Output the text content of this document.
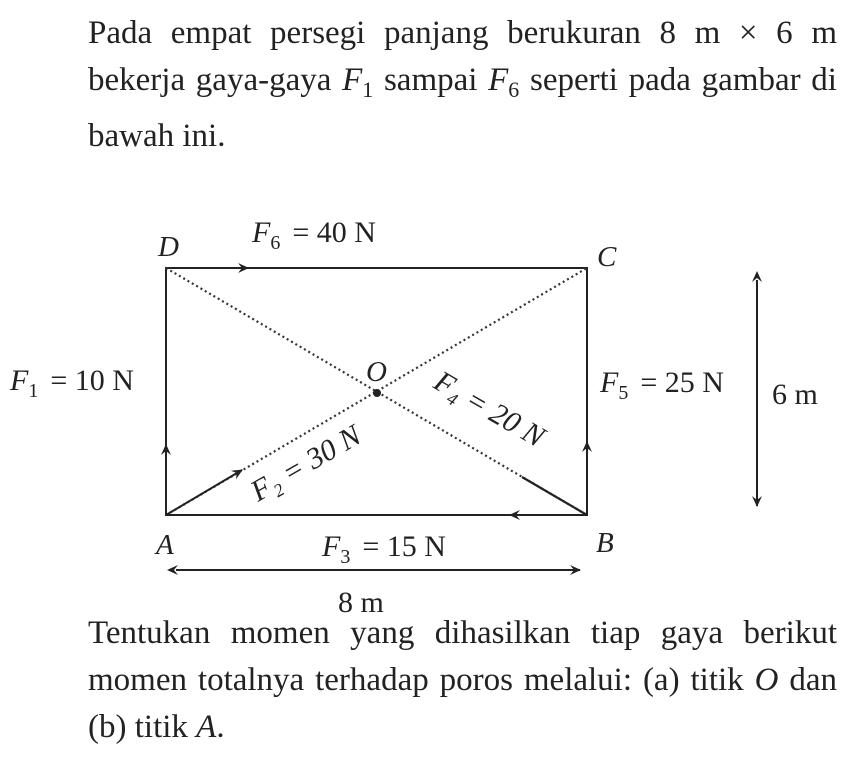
Pada empat persegi panjang berukuran 8 m × 6 m bekerja gaya-gaya $F_1$ sampai $F_6$ seperti pada gambar di bawah ini.

D	C
A	B
O
$F_6 = 40$ N
$F_1 = 10$ N	$F_5 = 25$ N
$F_3 = 15$ N
F₂ = 30 N
F₄ = 20 N	6 m
8 m

Tentukan momen yang dihasilkan tiap gaya berikut momen totalnya terhadap poros melalui: (a) titik O dan (b) titik A.
